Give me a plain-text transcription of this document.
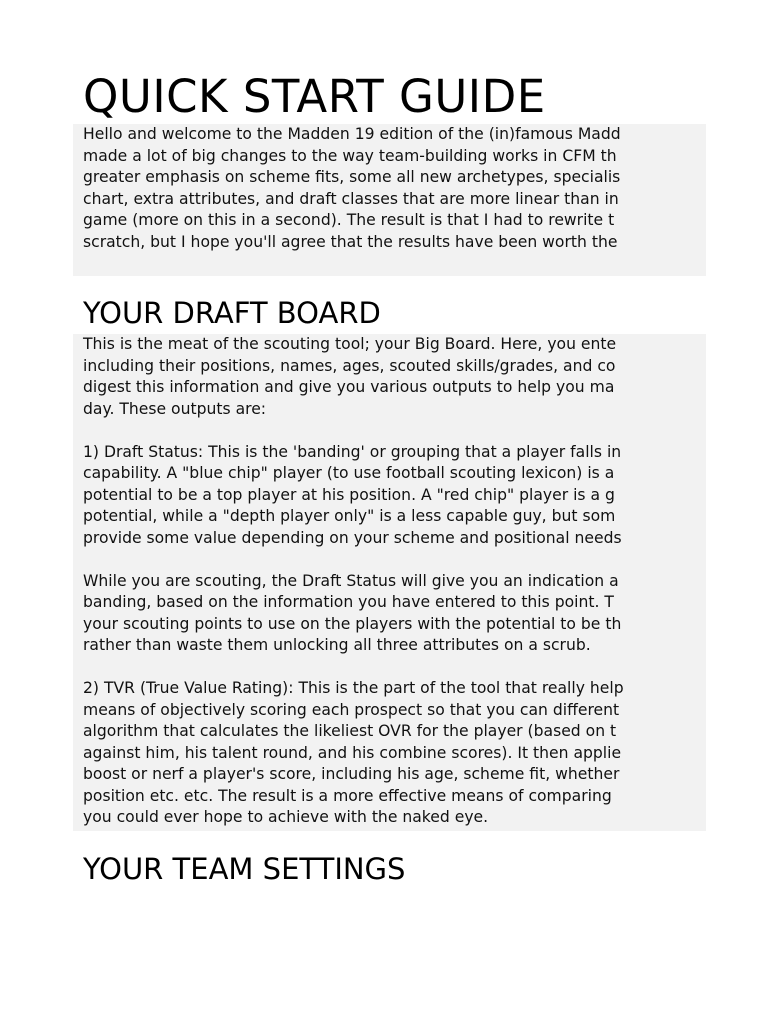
QUICK START GUIDE
Hello and welcome to the Madden 19 edition of the (in)famous Madd
made a lot of big changes to the way team-building works in CFM th
greater emphasis on scheme fits, some all new archetypes, specialis
chart, extra attributes, and draft classes that are more linear than in
game (more on this in a second). The result is that I had to rewrite t
scratch, but I hope you'll agree that the results have been worth the
YOUR DRAFT BOARD
This is the meat of the scouting tool; your Big Board. Here, you ente
including their positions, names, ages, scouted skills/grades, and co
digest this information and give you various outputs to help you ma
day. These outputs are:
1) Draft Status: This is the 'banding' or grouping that a player falls in
capability. A "blue chip" player (to use football scouting lexicon) is a
potential to be a top player at his position. A "red chip" player is a g
potential, while a "depth player only" is a less capable guy, but som
provide some value depending on your scheme and positional needs
While you are scouting, the Draft Status will give you an indication a
banding, based on the information you have entered to this point. T
your scouting points to use on the players with the potential to be th
rather than waste them unlocking all three attributes on a scrub.
2) TVR (True Value Rating): This is the part of the tool that really help
means of objectively scoring each prospect so that you can different
algorithm that calculates the likeliest OVR for the player (based on t
against him, his talent round, and his combine scores). It then applie
boost or nerf a player's score, including his age, scheme fit, whether
position etc. etc. The result is a more effective means of comparing
you could ever hope to achieve with the naked eye.
YOUR TEAM SETTINGS
